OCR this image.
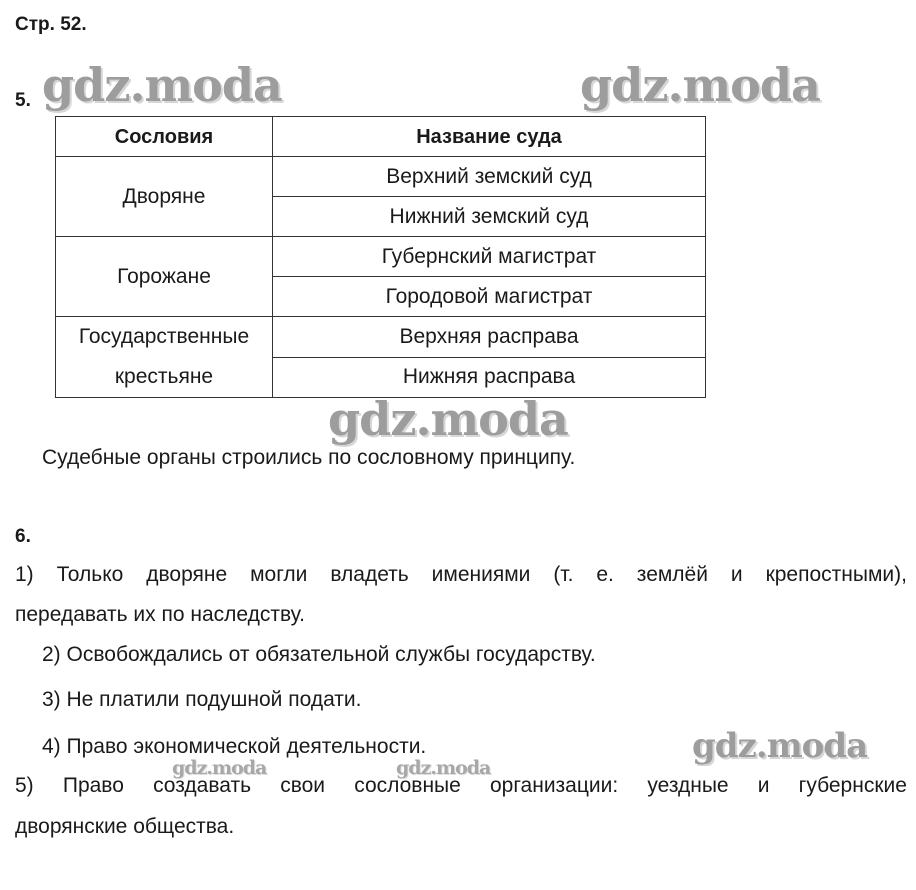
Стр. 52.
5.
Сословия	Название суда

Дворяне	Верхний земский суд
	Нижний земский суд

Горожане	Губернский магистрат
	Городовой магистрат

Государственные
крестьяне	Верхняя расправа
	Нижняя расправа
Судебные органы строились по сословному принципу.
6.
1) Только дворяне могли владеть имениями (т. е. землёй и крепостными),
передавать их по наследству.
2) Освобождались от обязательной службы государству.
3) Не платили подушной подати.
4) Право экономической деятельности.
5) Право создавать свои сословные организации: уездные и губернские
дворянские общества.
gdz.moda	gdz.moda
gdz.moda
gdz.moda
gdz.moda	gdz.moda
